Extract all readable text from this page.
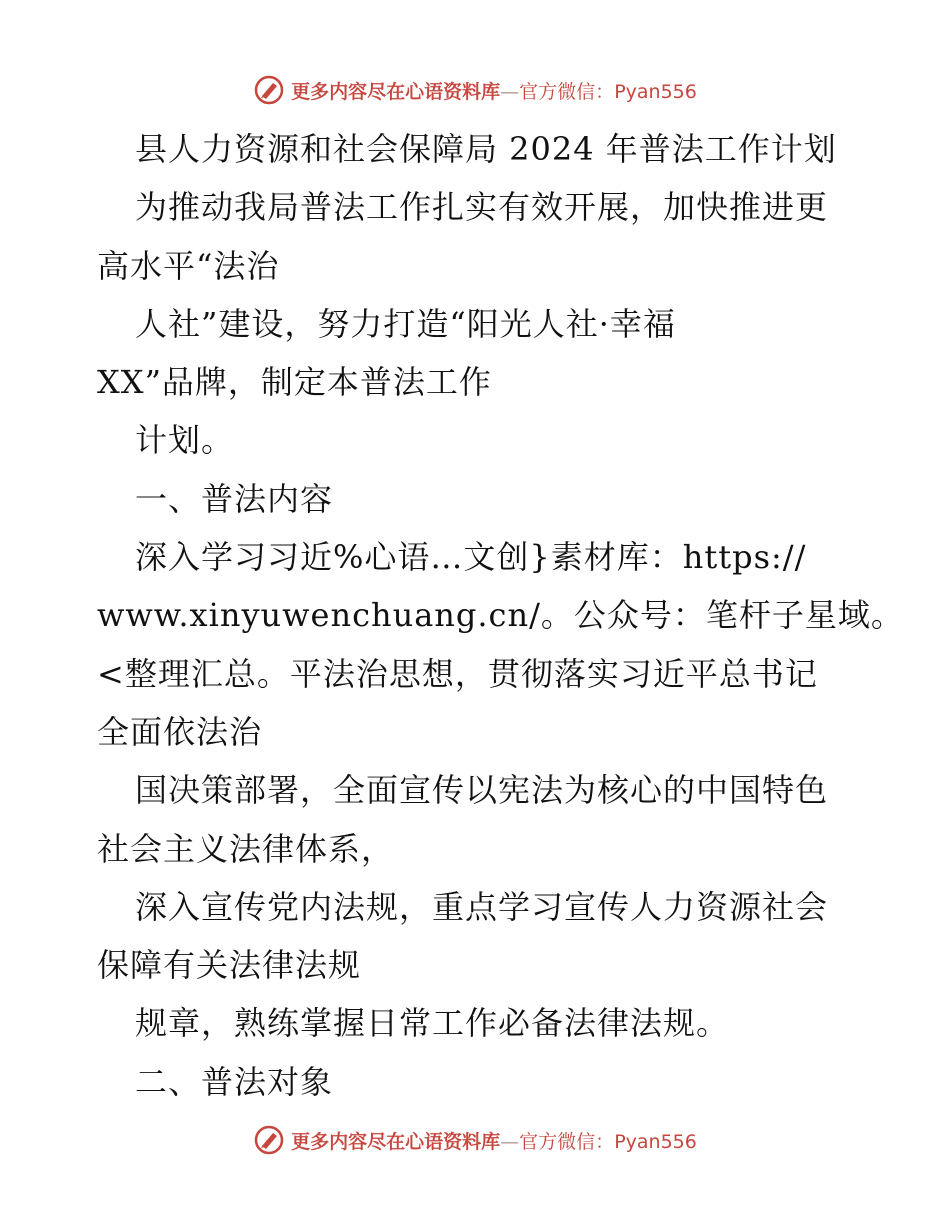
更多内容尽在心语资料库—官方微信：Pyan556
县人力资源和社会保障局 2024 年普法工作计划
为推动我局普法工作扎实有效开展，加快推进更
高水平“法治
人社”建设，努力打造“阳光人社·幸福
XX”品牌，制定本普法工作
计划。
一、普法内容
深入学习习近%心语…文创}素材库：https://
www.xinyuwenchuang.cn/。公众号：笔杆子星域。
<整理汇总。平法治思想，贯彻落实习近平总书记
全面依法治
国决策部署，全面宣传以宪法为核心的中国特色
社会主义法律体系，
深入宣传党内法规，重点学习宣传人力资源社会
保障有关法律法规
规章，熟练掌握日常工作必备法律法规。
二、普法对象
更多内容尽在心语资料库—官方微信：Pyan556
